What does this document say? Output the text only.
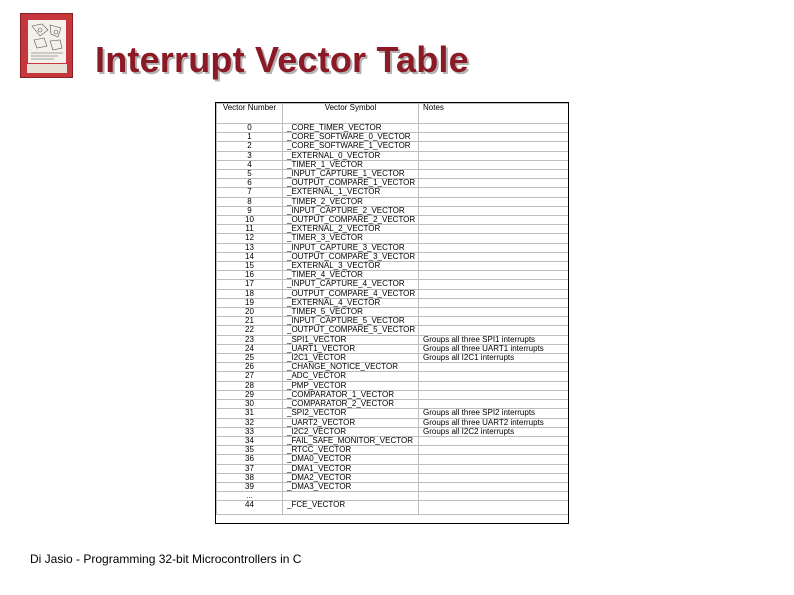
Interrupt Vector Table
Vector Number	Vector Symbol	Notes
0	_CORE_TIMER_VECTOR	
1	_CORE_SOFTWARE_0_VECTOR	
2	_CORE_SOFTWARE_1_VECTOR	
3	_EXTERNAL_0_VECTOR	
4	_TIMER_1_VECTOR	
5	_INPUT_CAPTURE_1_VECTOR	
6	_OUTPUT_COMPARE_1_VECTOR	
7	_EXTERNAL_1_VECTOR	
8	_TIMER_2_VECTOR	
9	_INPUT_CAPTURE_2_VECTOR	
10	_OUTPUT_COMPARE_2_VECTOR	
11	_EXTERNAL_2_VECTOR	
12	_TIMER_3_VECTOR	
13	_INPUT_CAPTURE_3_VECTOR	
14	_OUTPUT_COMPARE_3_VECTOR	
15	_EXTERNAL_3_VECTOR	
16	_TIMER_4_VECTOR	
17	_INPUT_CAPTURE_4_VECTOR	
18	_OUTPUT_COMPARE_4_VECTOR	
19	_EXTERNAL_4_VECTOR	
20	_TIMER_5_VECTOR	
21	_INPUT_CAPTURE_5_VECTOR	
22	_OUTPUT_COMPARE_5_VECTOR	
23	_SPI1_VECTOR	Groups all three SPI1 interrupts
24	_UART1_VECTOR	Groups all three UART1 interrupts
25	_I2C1_VECTOR	Groups all I2C1 interrupts
26	_CHANGE_NOTICE_VECTOR	
27	_ADC_VECTOR	
28	_PMP_VECTOR	
29	_COMPARATOR_1_VECTOR	
30	_COMPARATOR_2_VECTOR	
31	_SPI2_VECTOR	Groups all three SPI2 interrupts
32	_UART2_VECTOR	Groups all three UART2 interrupts
33	_I2C2_VECTOR	Groups all I2C2 interrupts
34	_FAIL_SAFE_MONITOR_VECTOR	
35	_RTCC_VECTOR	
36	_DMA0_VECTOR	
37	_DMA1_VECTOR	
38	_DMA2_VECTOR	
39	_DMA3_VECTOR	
...		
44	_FCE_VECTOR	
Di Jasio - Programming 32-bit Microcontrollers in C
